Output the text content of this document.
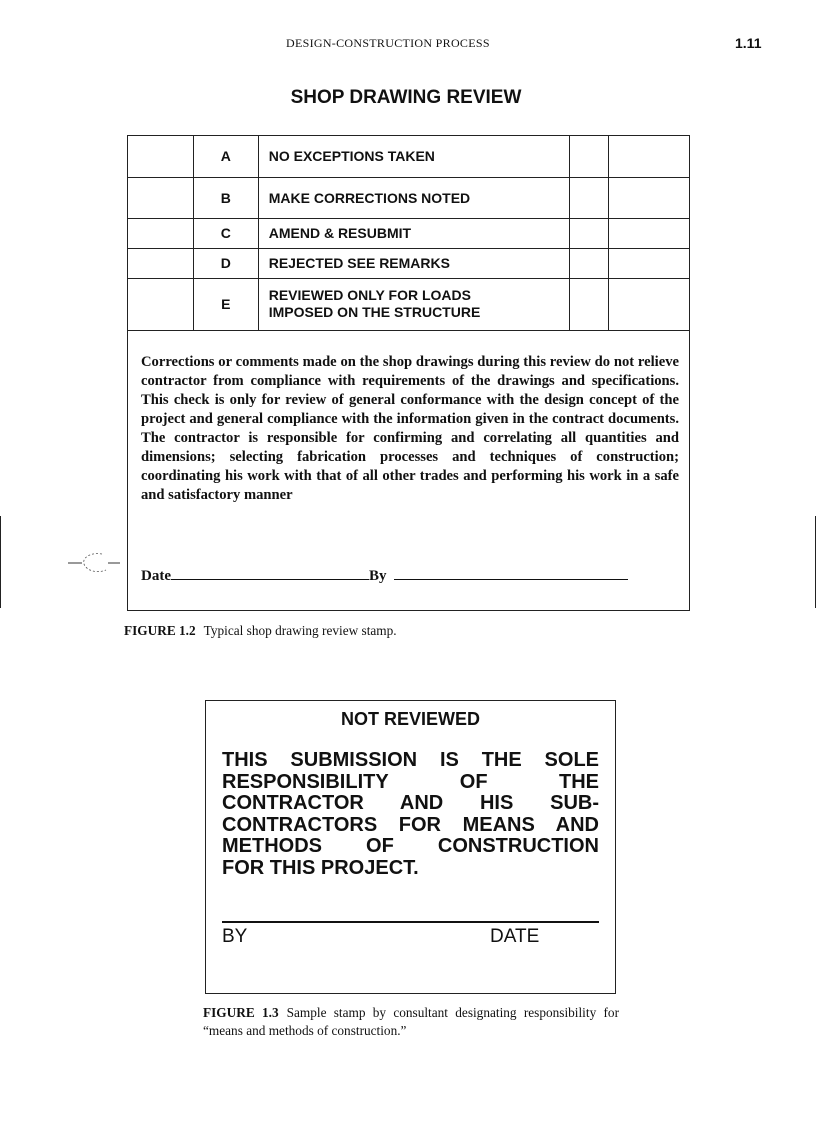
DESIGN-CONSTRUCTION PROCESS	1.11
SHOP DRAWING REVIEW
	A	NO EXCEPTIONS TAKEN		
	B	MAKE CORRECTIONS NOTED		
	C	AMEND & RESUBMIT		
	D	REJECTED SEE REMARKS		
	E	REVIEWED ONLY FOR LOADS
IMPOSED ON THE STRUCTURE		
Corrections or comments made on the shop drawings during this review do not relieve contractor from compliance with requirements of the drawings and specifications. This check is only for review of general conformance with the design concept of the project and general compliance with the information given in the contract documents. The contractor is responsible for confirming and correlating all quantities and dimensions; selecting fabrication processes and techniques of construction; coordinating his work with that of all other trades and performing his work in a safe and satisfactory manner
Date	By
FIGURE 1.2 Typical shop drawing review stamp.
NOT REVIEWED
THIS SUBMISSION IS THE SOLE RESPONSIBILITY OF THE CONTRACTOR AND HIS SUB-CONTRACTORS FOR MEANS AND METHODS OF CONSTRUCTION
FOR THIS PROJECT.
BY	DATE
FIGURE 1.3 Sample stamp by consultant designating responsibility for “means and methods of construction.”
